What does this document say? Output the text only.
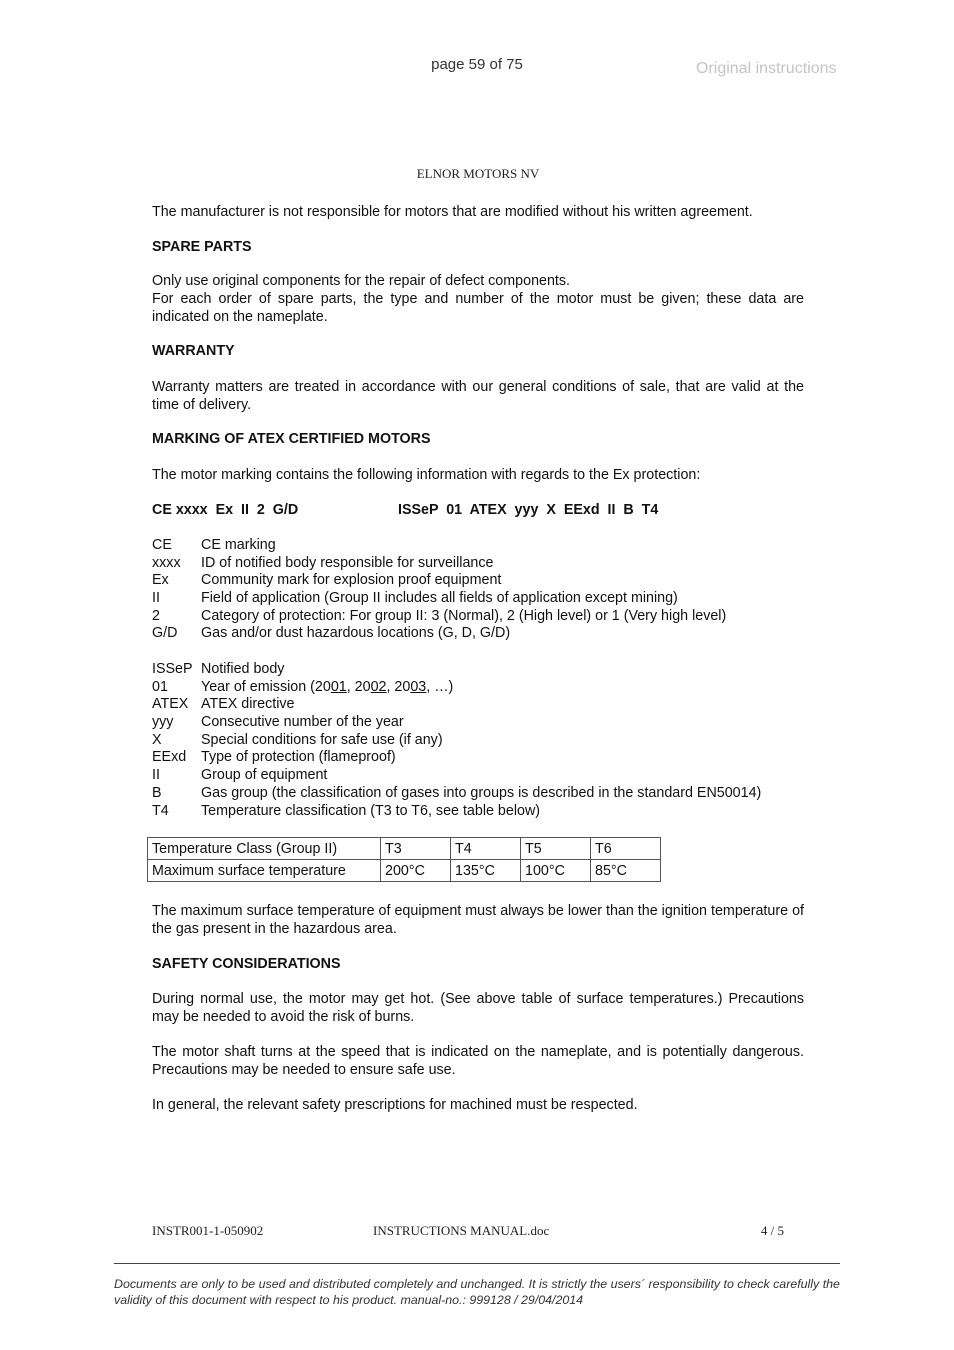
page 59 of 75	Original instructions
ELNOR MOTORS NV
The manufacturer is not responsible for motors that are modified without his written agreement.
SPARE PARTS
Only use original components for the repair of defect components.
For each order of spare parts, the type and number of the motor must be given; these data are indicated on the nameplate.
WARRANTY
Warranty matters are treated in accordance with our general conditions of sale, that are valid at the time of delivery.
MARKING OF ATEX CERTIFIED MOTORS
The motor marking contains the following information with regards to the Ex protection:
CE xxxx  Ex  II  2  G/D	ISSeP  01  ATEX  yyy  X  EExd  II  B  T4
CE CE marking
xxxx ID of notified body responsible for surveillance
Ex Community mark for explosion proof equipment
II	Field of application (Group II includes all fields of application except mining)
2	Category of protection: For group II: 3 (Normal), 2 (High level) or 1 (Very high level)
G/D Gas and/or dust hazardous locations (G, D, G/D)
ISSeP Notified body
01 Year of emission (2001, 2002, 2003, …)
ATEX ATEX directive
yyy Consecutive number of the year
X	Special conditions for safe use (if any)
EExd Type of protection (flameproof)
II	Group of equipment
B	Gas group (the classification of gases into groups is described in the standard EN50014)
T4 Temperature classification (T3 to T6, see table below)
Temperature Class (Group II)	T3	T4	T5	T6
Maximum surface temperature	200°C	135°C	100°C	85°C
The maximum surface temperature of equipment must always be lower than the ignition temperature of the gas present in the hazardous area.
SAFETY CONSIDERATIONS
During normal use, the motor may get hot. (See above table of surface temperatures.) Precautions may be needed to avoid the risk of burns.
The motor shaft turns at the speed that is indicated on the nameplate, and is potentially dangerous. Precautions may be needed to ensure safe use.
In general, the relevant safety prescriptions for machined must be respected.
INSTR001-1-050902	INSTRUCTIONS MANUAL.doc	4 / 5
Documents are only to be used and distributed completely and unchanged. It is strictly the users´ responsibility to check carefully the validity of this document with respect to his product. manual-no.: 999128 / 29/04/2014
